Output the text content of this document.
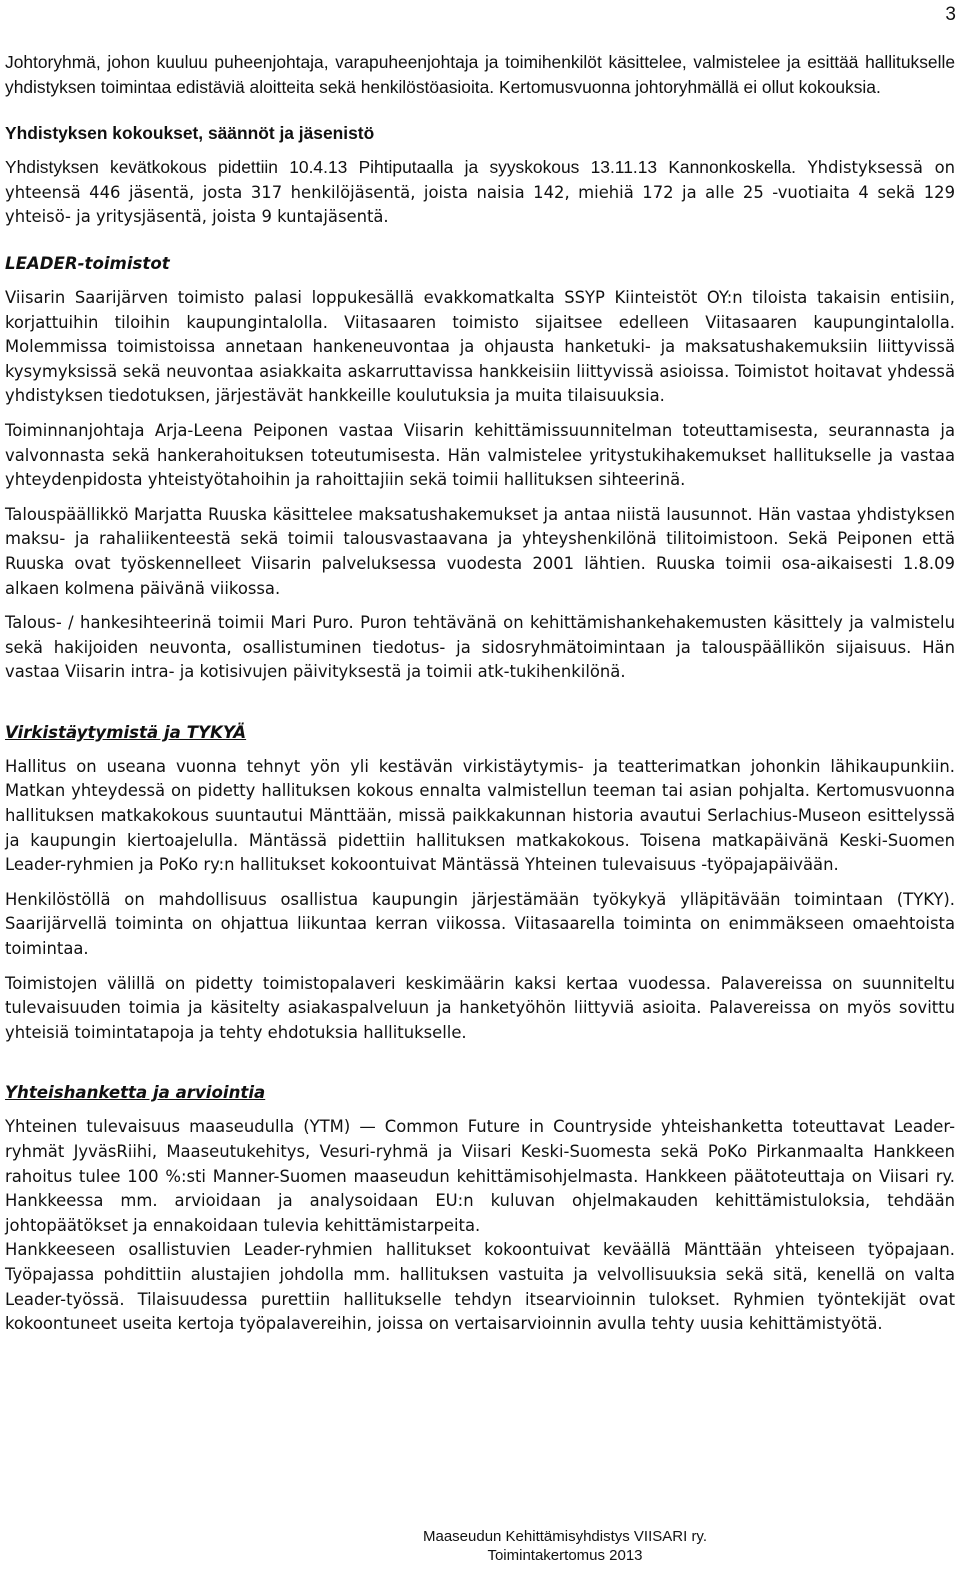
3

Johtoryhmä, johon kuuluu puheenjohtaja, varapuheenjohtaja ja toimihenkilöt käsittelee, valmistelee ja esittää hallitukselle yhdistyksen toimintaa edistäviä aloitteita sekä henkilöstöasioita. Kertomusvuonna johtoryhmällä ei ollut kokouksia.

Yhdistyksen kokoukset, säännöt ja jäsenistö

Yhdistyksen kevätkokous pidettiin 10.4.13 Pihtiputaalla ja syyskokous 13.11.13 Kannonkoskella. Yhdistyksessä on yhteensä 446 jäsentä, josta 317 henkilöjäsentä, joista naisia 142, miehiä 172 ja alle 25 -vuotiaita 4 sekä 129 yhteisö- ja yritysjäsentä, joista 9 kuntajäsentä.

LEADER-toimistot

Viisarin Saarijärven toimisto palasi loppukesällä evakkomatkalta SSYP Kiinteistöt OY:n tiloista takaisin entisiin, korjattuihin tiloihin kaupungintalolla. Viitasaaren toimisto sijaitsee edelleen Viitasaaren kaupungintalolla. Molemmissa toimistoissa annetaan hankeneuvontaa ja ohjausta hanketuki- ja maksatushakemuksiin liittyvissä kysymyksissä sekä neuvontaa asiakkaita askarruttavissa hankkeisiin liittyvissä asioissa. Toimistot hoitavat yhdessä yhdistyksen tiedotuksen, järjestävät hankkeille koulutuksia ja muita tilaisuuksia.

Toiminnanjohtaja Arja-Leena Peiponen vastaa Viisarin kehittämissuunnitelman toteuttamisesta, seurannasta ja valvonnasta sekä hankerahoituksen toteutumisesta. Hän valmistelee yritystukihakemukset hallitukselle ja vastaa yhteydenpidosta yhteistyötahoihin ja rahoittajiin sekä toimii hallituksen sihteerinä.

Talouspäällikkö Marjatta Ruuska käsittelee maksatushakemukset ja antaa niistä lausunnot. Hän vastaa yhdistyksen maksu- ja rahaliikenteestä sekä toimii talousvastaavana ja yhteyshenkilönä tilitoimistoon. Sekä Peiponen että Ruuska ovat työskennelleet Viisarin palveluksessa vuodesta 2001 lähtien. Ruuska toimii osa-aikaisesti 1.8.09 alkaen kolmena päivänä viikossa.

Talous- / hankesihteerinä toimii Mari Puro. Puron tehtävänä on kehittämishankehakemusten käsittely ja valmistelu sekä hakijoiden neuvonta, osallistuminen tiedotus- ja sidosryhmätoimintaan ja talouspäällikön sijaisuus. Hän vastaa Viisarin intra- ja kotisivujen päivityksestä ja toimii atk-tukihenkilönä.

Virkistäytymistä ja TYKYÄ

Hallitus on useana vuonna tehnyt yön yli kestävän virkistäytymis- ja teatterimatkan johonkin lähikaupunkiin. Matkan yhteydessä on pidetty hallituksen kokous ennalta valmistellun teeman tai asian pohjalta. Kertomusvuonna hallituksen matkakokous suuntautui Mänttään, missä paikkakunnan historia avautui Serlachius-Museon esittelyssä ja kaupungin kiertoajelulla. Mäntässä pidettiin hallituksen matkakokous. Toisena matkapäivänä Keski-Suomen Leader-ryhmien ja PoKo ry:n hallitukset kokoontuivat Mäntässä Yhteinen tulevaisuus -työpajapäivään.

Henkilöstöllä on mahdollisuus osallistua kaupungin järjestämään työkykyä ylläpitävään toimintaan (TYKY). Saarijärvellä toiminta on ohjattua liikuntaa kerran viikossa. Viitasaarella toiminta on enimmäkseen omaehtoista toimintaa.

Toimistojen välillä on pidetty toimistopalaveri keskimäärin kaksi kertaa vuodessa. Palavereissa on suunniteltu tulevaisuuden toimia ja käsitelty asiakaspalveluun ja hanketyöhön liittyviä asioita. Palavereissa on myös sovittu yhteisiä toimintatapoja ja tehty ehdotuksia hallitukselle.

Yhteishanketta ja arviointia

Yhteinen tulevaisuus maaseudulla (YTM) — Common Future in Countryside yhteishanketta toteuttavat Leader-ryhmät JyväsRiihi, Maaseutukehitys, Vesuri-ryhmä ja Viisari Keski-Suomesta sekä PoKo Pirkanmaalta Hankkeen rahoitus tulee 100 %:sti Manner-Suomen maaseudun kehittämisohjelmasta. Hankkeen päätoteuttaja on Viisari ry. Hankkeessa mm. arvioidaan ja analysoidaan EU:n kuluvan ohjelmakauden kehittämistuloksia, tehdään johtopäätökset ja ennakoidaan tulevia kehittämistarpeita.

Hankkeeseen osallistuvien Leader-ryhmien hallitukset kokoontuivat keväällä Mänttään yhteiseen työpajaan. Työpajassa pohdittiin alustajien johdolla mm. hallituksen vastuita ja velvollisuuksia sekä sitä, kenellä on valta Leader-työssä. Tilaisuudessa purettiin hallitukselle tehdyn itsearvioinnin tulokset. Ryhmien työntekijät ovat kokoontuneet useita kertoja työpalavereihin, joissa on vertaisarvioinnin avulla tehty uusia kehittämistyötä.

Maaseudun Kehittämisyhdistys VIISARI ry.
Toimintakertomus 2013
